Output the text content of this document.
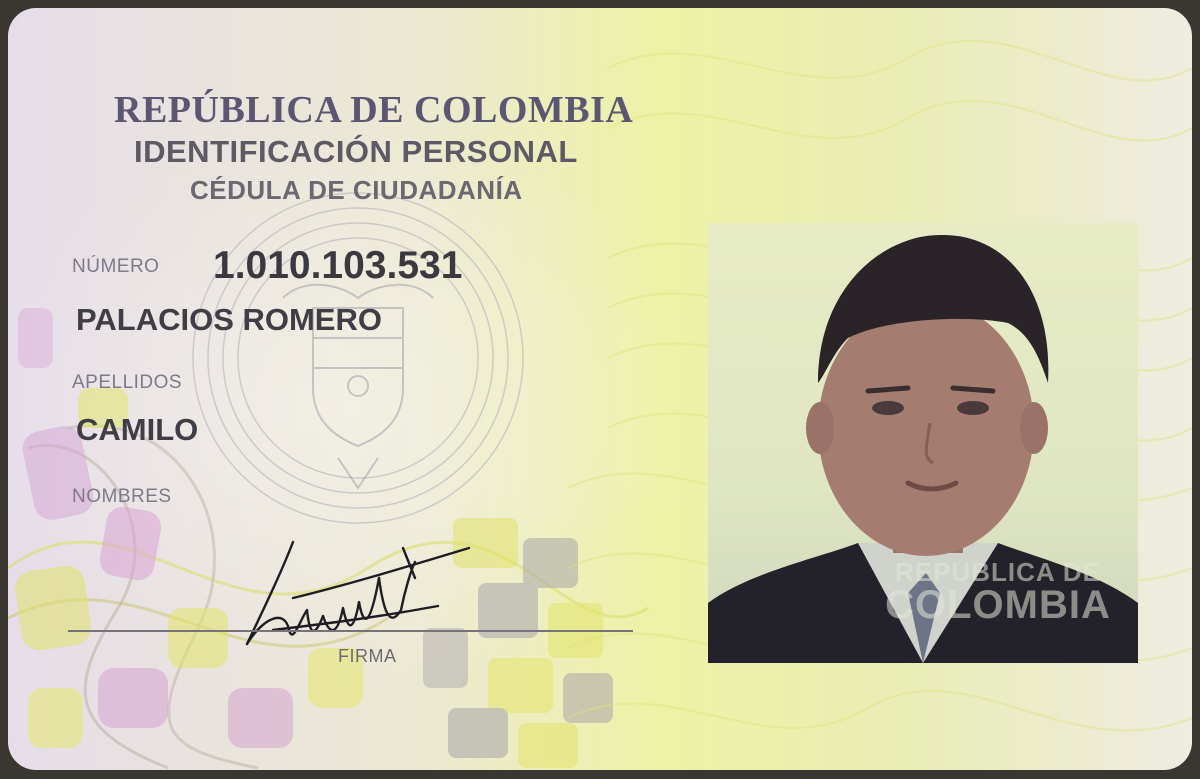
REPÚBLICA DE COLOMBIA
IDENTIFICACIÓN PERSONAL
CÉDULA DE CIUDADANÍA
NÚMERO 1.010.103.531
PALACIOS ROMERO
APELLIDOS
CAMILO
NOMBRES
FIRMA
REPUBLICA DE
COLOMBIA
